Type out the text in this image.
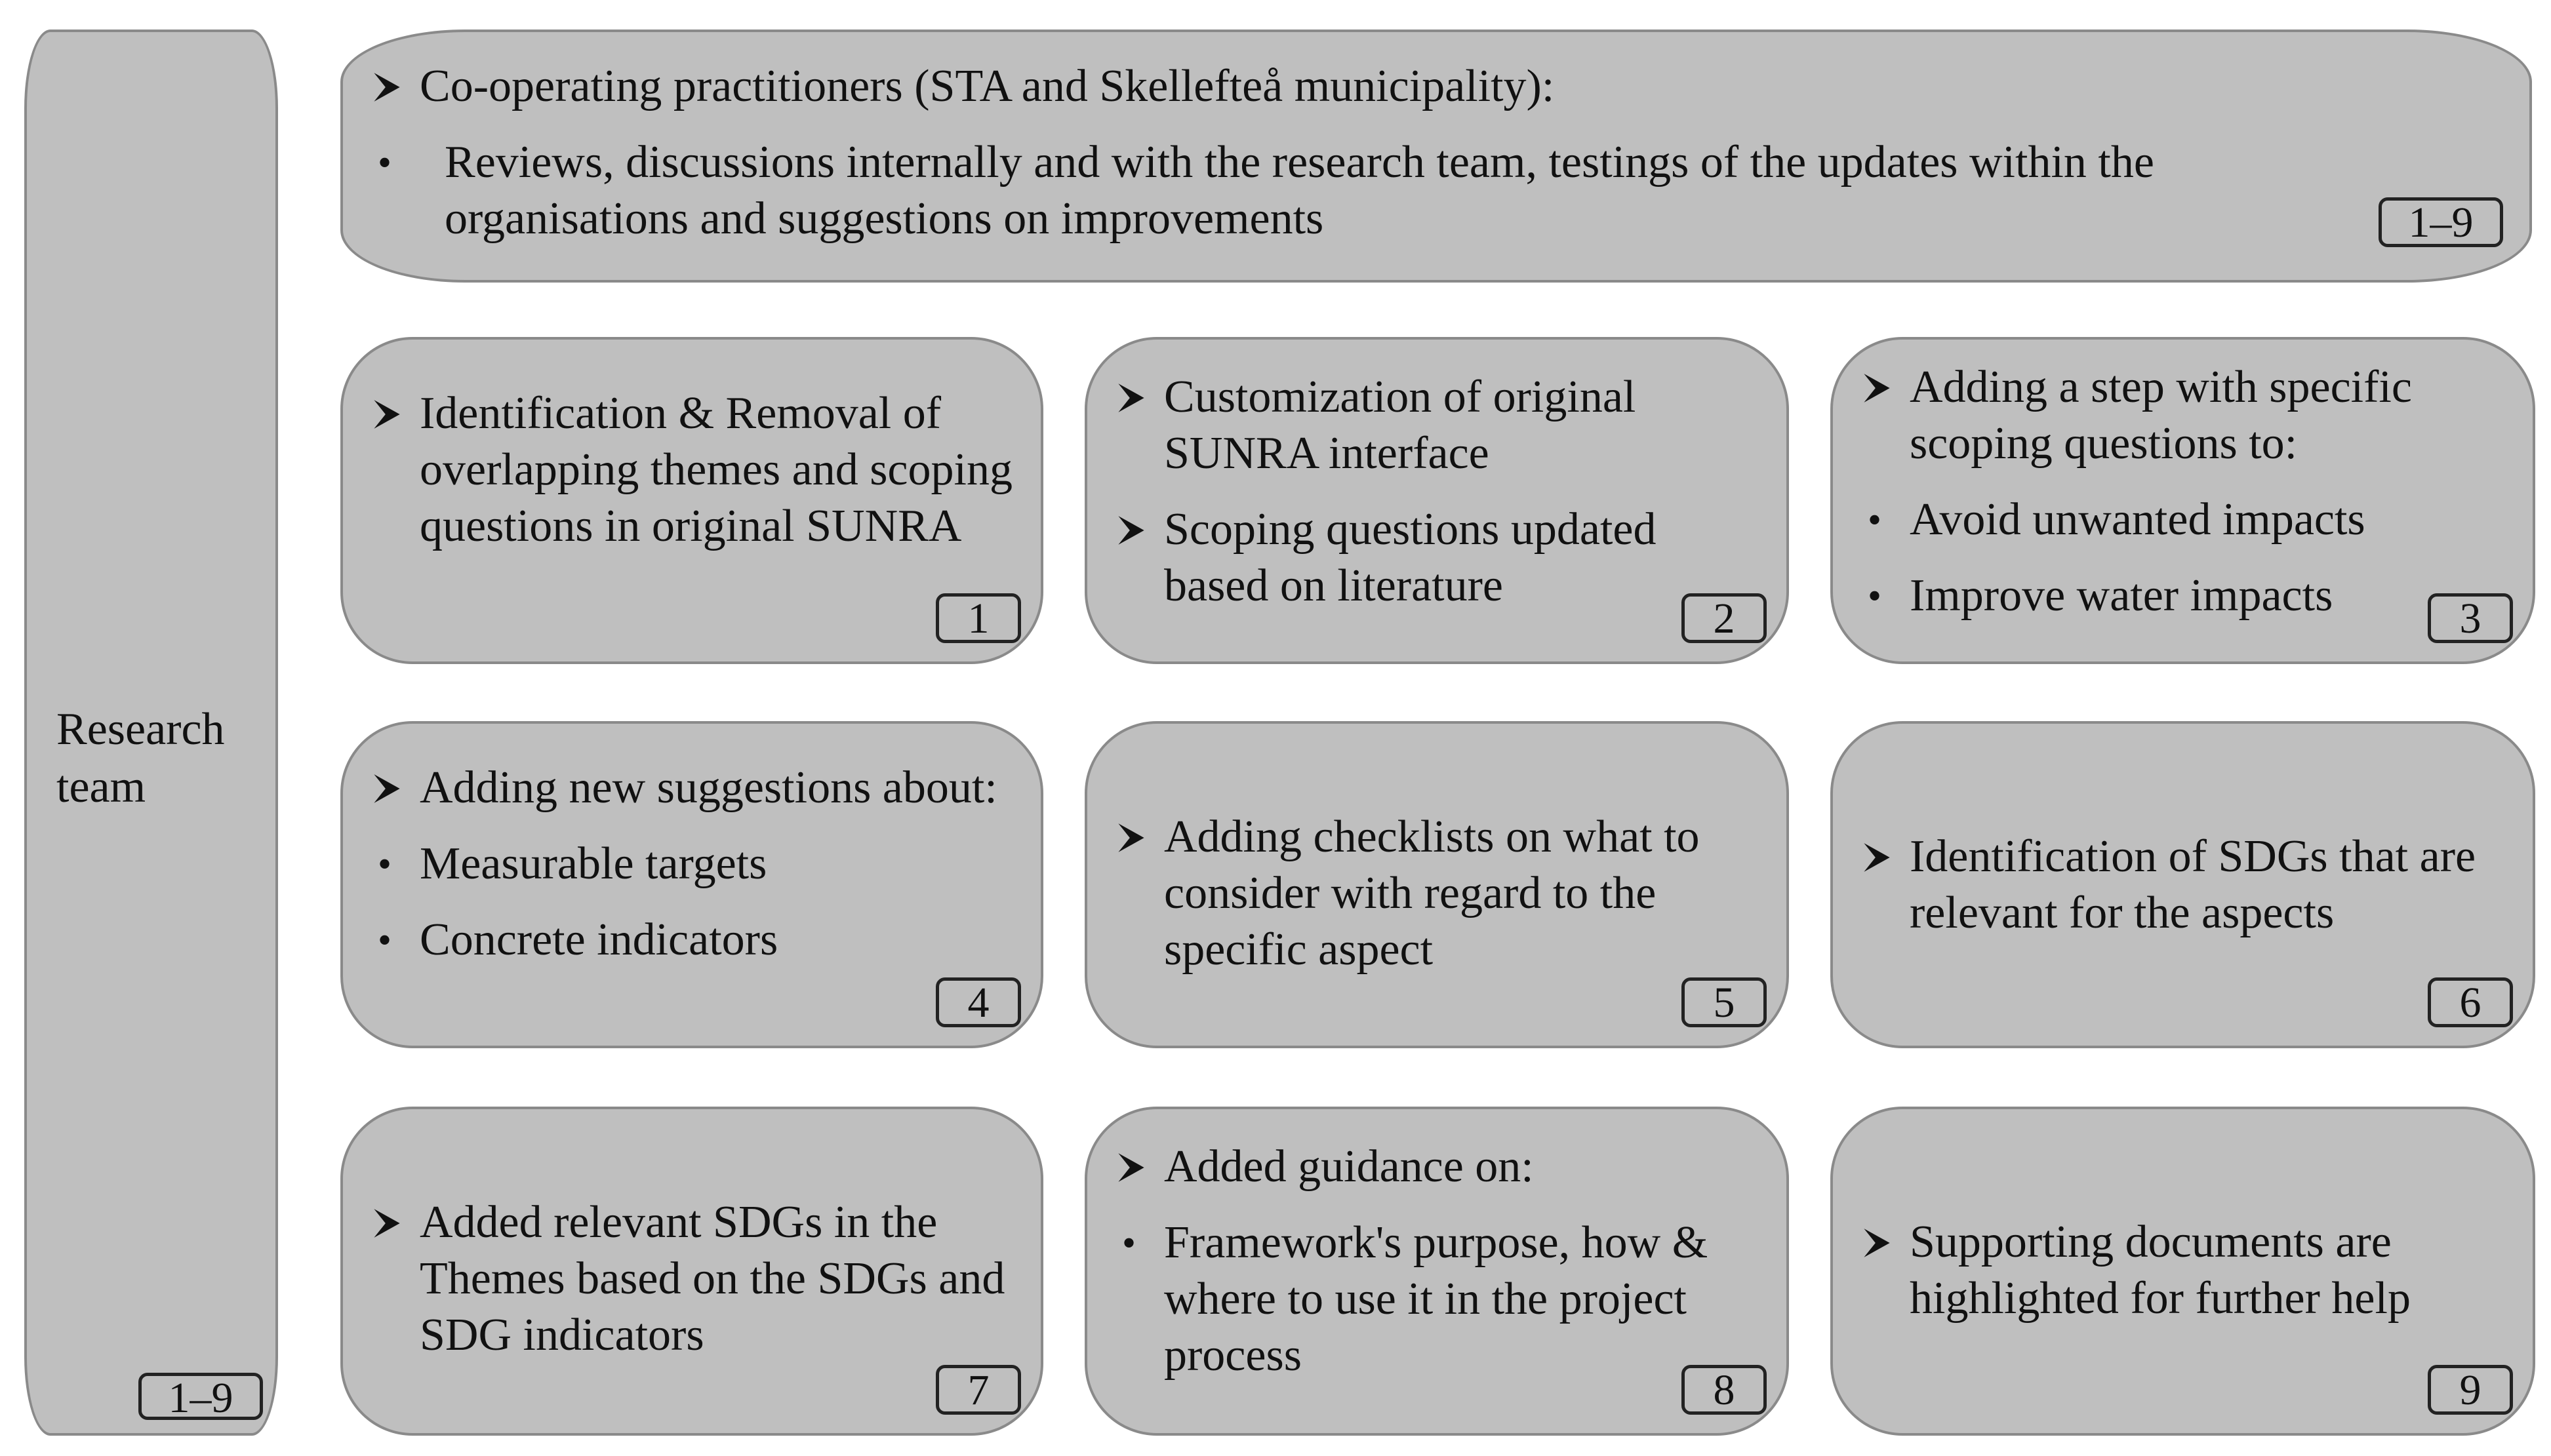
Research
team
1–9
Co-operating practitioners (STA and Skellefteå municipality):
•	Reviews, discussions internally and with the research team, testings of the updates within the organisations and suggestions on improvements	1–9
Identification & Removal of overlapping themes and scoping questions in original SUNRA
1
Customization of original SUNRA interface
Scoping questions updated based on literature
2
Adding a step with specific scoping questions to:
• Avoid unwanted impacts
• Improve water impacts	3
Adding new suggestions about:
• Measurable targets
• Concrete indicators
4
Adding checklists on what to consider with regard to the specific aspect
5
Identification of SDGs that are relevant for the aspects
6
Added relevant SDGs in the Themes based on the SDGs and SDG indicators
7
Added guidance on:
• Framework's purpose, how & where to use it in the project process
8
Supporting documents are highlighted for further help
9
